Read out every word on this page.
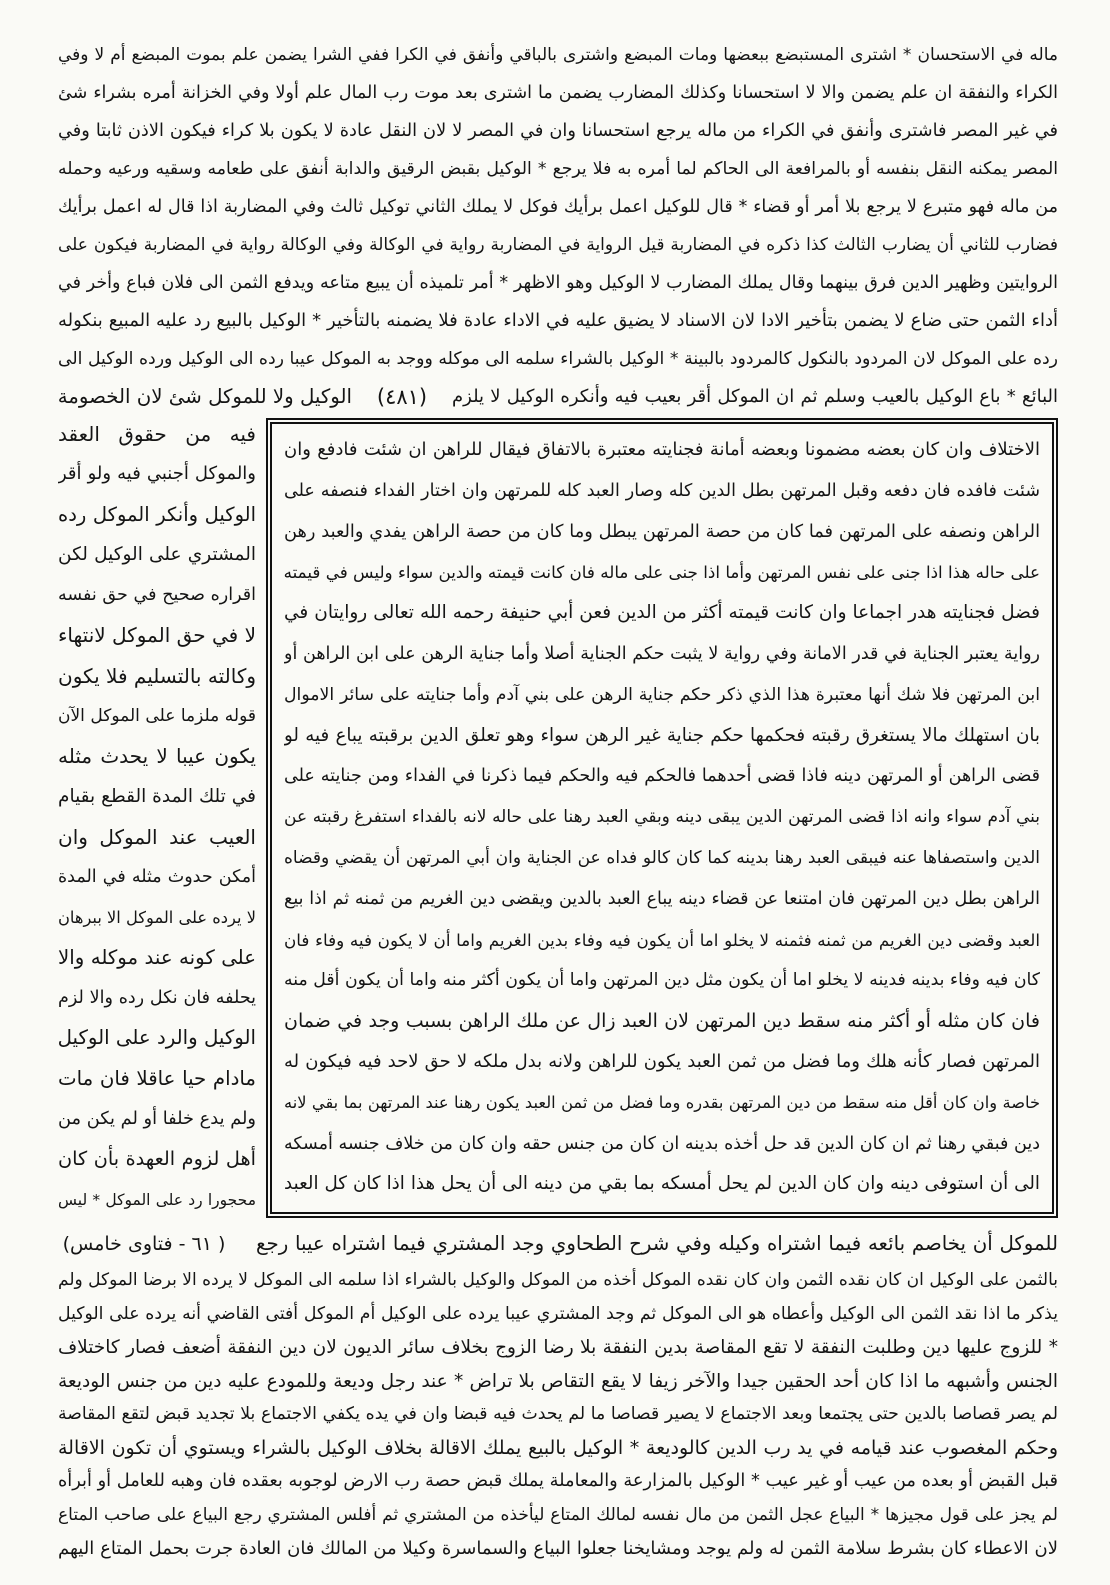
ماله في الاستحسان * اشترى المستبضع ببعضها ومات المبضع واشترى بالباقي وأنفق في الكرا ففي الشرا يضمن علم بموت المبضع أم لا وفي
الكراء والنفقة ان علم يضمن والا لا استحسانا وكذلك المضارب يضمن ما اشترى بعد موت رب المال علم أولا وفي الخزانة أمره بشراء شئ
في غير المصر فاشترى وأنفق في الكراء من ماله يرجع استحسانا وان في المصر لا لان النقل عادة لا يكون بلا كراء فيكون الاذن ثابتا وفي
المصر يمكنه النقل بنفسه أو بالمرافعة الى الحاكم لما أمره به فلا يرجع * الوكيل بقبض الرقيق والدابة أنفق على طعامه وسقيه ورعيه وحمله
من ماله فهو متبرع لا يرجع بلا أمر أو قضاء * قال للوكيل اعمل برأيك فوكل لا يملك الثاني توكيل ثالث وفي المضاربة اذا قال له اعمل برأيك
فضارب للثاني أن يضارب الثالث كذا ذكره في المضاربة قيل الرواية في المضاربة رواية في الوكالة وفي الوكالة رواية في المضاربة فيكون على
الروايتين وظهير الدين فرق بينهما وقال يملك المضارب لا الوكيل وهو الاظهر * أمر تلميذه أن يبيع متاعه ويدفع الثمن الى فلان فباع وأخر في
أداء الثمن حتى ضاع لا يضمن بتأخير الادا لان الاسناد لا يضيق عليه في الاداء عادة فلا يضمنه بالتأخير * الوكيل بالبيع رد عليه المبيع بنكوله
رده على الموكل لان المردود بالنكول كالمردود بالبينة * الوكيل بالشراء سلمه الى موكله ووجد به الموكل عيبا رده الى الوكيل ورده الوكيل الى
البائع * باع الوكيل بالعيب وسلم ثم ان الموكل أقر بعيب فيه وأنكره الوكيل لا يلزم
(٤٨١)
الوكيل ولا للموكل شئ لان الخصومة
الاختلاف وان كان بعضه مضمونا وبعضه أمانة فجنايته معتبرة بالاتفاق فيقال للراهن ان شئت فادفع وان
شئت فافده فان دفعه وقبل المرتهن بطل الدين كله وصار العبد كله للمرتهن وان اختار الفداء فنصفه على
الراهن ونصفه على المرتهن فما كان من حصة المرتهن يبطل وما كان من حصة الراهن يفدي والعبد رهن
على حاله هذا اذا جنى على نفس المرتهن وأما اذا جنى على ماله فان كانت قيمته والدين سواء وليس في قيمته
فضل فجنايته هدر اجماعا وان كانت قيمته أكثر من الدين فعن أبي حنيفة رحمه الله تعالى روايتان في
رواية يعتبر الجناية في قدر الامانة وفي رواية لا يثبت حكم الجناية أصلا وأما جناية الرهن على ابن الراهن أو
ابن المرتهن فلا شك أنها معتبرة هذا الذي ذكر حكم جناية الرهن على بني آدم وأما جنايته على سائر الاموال
بان استهلك مالا يستغرق رقبته فحكمها حكم جناية غير الرهن سواء وهو تعلق الدين برقبته يباع فيه لو
قضى الراهن أو المرتهن دينه فاذا قضى أحدهما فالحكم فيه والحكم فيما ذكرنا في الفداء ومن جنايته على
بني آدم سواء وانه اذا قضى المرتهن الدين يبقى دينه وبقي العبد رهنا على حاله لانه بالفداء استفرغ رقبته عن
الدين واستصفاها عنه فيبقى العبد رهنا بدينه كما كان كالو فداه عن الجناية وان أبي المرتهن أن يقضي وقضاه
الراهن بطل دين المرتهن فان امتنعا عن قضاء دينه يباع العبد بالدين ويقضى دين الغريم من ثمنه ثم اذا بيع
العبد وقضى دين الغريم من ثمنه فثمنه لا يخلو اما أن يكون فيه وفاء بدين الغريم واما أن لا يكون فيه وفاء فان
كان فيه وفاء بدينه فدينه لا يخلو اما أن يكون مثل دين المرتهن واما أن يكون أكثر منه واما أن يكون أقل منه
فان كان مثله أو أكثر منه سقط دين المرتهن لان العبد زال عن ملك الراهن بسبب وجد في ضمان
المرتهن فصار كأنه هلك وما فضل من ثمن العبد يكون للراهن ولانه بدل ملكه لا حق لاحد فيه فيكون له
خاصة وان كان أقل منه سقط من دين المرتهن بقدره وما فضل من ثمن العبد يكون رهنا عند المرتهن بما بقي لانه
دين فبقي رهنا ثم ان كان الدين قد حل أخذه بدينه ان كان من جنس حقه وان كان من خلاف جنسه أمسكه
الى أن استوفى دينه وان كان الدين لم يحل أمسكه بما بقي من دينه الى أن يحل هذا اذا كان كل العبد
فيه من حقوق العقد
والموكل أجنبي فيه ولو أقر
الوكيل وأنكر الموكل رده
المشتري على الوكيل لكن
اقراره صحيح في حق نفسه
لا في حق الموكل لانتهاء
وكالته بالتسليم فلا يكون
قوله ملزما على الموكل الآن
يكون عيبا لا يحدث مثله
في تلك المدة القطع بقيام
العيب عند الموكل وان
أمكن حدوث مثله في المدة
لا يرده على الموكل الا ببرهان
على كونه عند موكله والا
يحلفه فان نكل رده والا لزم
الوكيل والرد على الوكيل
مادام حيا عاقلا فان مات
ولم يدع خلفا أو لم يكن من
أهل لزوم العهدة بأن كان
محجورا رد على الموكل * ليس
للموكل أن يخاصم بائعه فيما اشتراه وكيله وفي شرح الطحاوي وجد المشتري فيما اشتراه عيبا رجع
( ٦١ - فتاوى خامس)
بالثمن على الوكيل ان كان نقده الثمن وان كان نقده الموكل أخذه من الموكل والوكيل بالشراء اذا سلمه الى الموكل لا يرده الا برضا الموكل ولم
يذكر ما اذا نقد الثمن الى الوكيل وأعطاه هو الى الموكل ثم وجد المشتري عيبا يرده على الوكيل أم الموكل أفتى القاضي أنه يرده على الوكيل
* للزوج عليها دين وطلبت النفقة لا تقع المقاصة بدين النفقة بلا رضا الزوج بخلاف سائر الديون لان دين النفقة أضعف فصار كاختلاف
الجنس وأشبهه ما اذا كان أحد الحقين جيدا والآخر زيفا لا يقع التقاص بلا تراض * عند رجل وديعة وللمودع عليه دين من جنس الوديعة
لم يصر قصاصا بالدين حتى يجتمعا وبعد الاجتماع لا يصير قصاصا ما لم يحدث فيه قبضا وان في يده يكفي الاجتماع بلا تجديد قبض لتقع المقاصة
وحكم المغصوب عند قيامه في يد رب الدين كالوديعة * الوكيل بالبيع يملك الاقالة بخلاف الوكيل بالشراء ويستوي أن تكون الاقالة
قبل القبض أو بعده من عيب أو غير عيب * الوكيل بالمزارعة والمعاملة يملك قبض حصة رب الارض لوجوبه بعقده فان وهبه للعامل أو أبرأه
لم يجز على قول مجيزها * البياع عجل الثمن من مال نفسه لمالك المتاع ليأخذه من المشتري ثم أفلس المشتري رجع البياع على صاحب المتاع
لان الاعطاء كان بشرط سلامة الثمن له ولم يوجد ومشايخنا جعلوا البياع والسماسرة وكيلا من المالك فان العادة جرت بحمل المتاع اليهم
